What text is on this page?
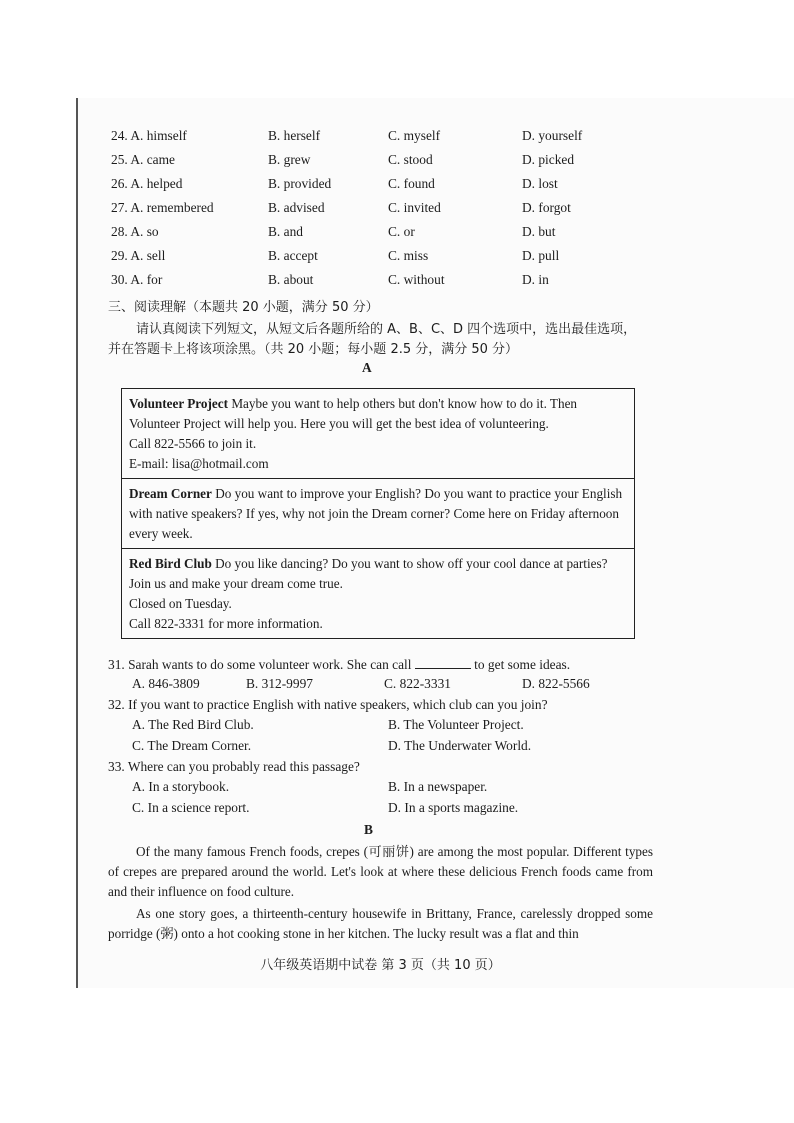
24. A. himself	B. herself	C. myself	D. yourself
25. A. came	B. grew	C. stood	D. picked
26. A. helped	B. provided	C. found	D. lost
27. A. remembered	B. advised	C. invited	D. forgot
28. A. so	B. and	C. or	D. but
29. A. sell	B. accept	C. miss	D. pull
30. A. for	B. about	C. without	D. in
三、阅读理解（本题共 20 小题，满分 50 分）
请认真阅读下列短文，从短文后各题所给的 A、B、C、D 四个选项中，选出最佳选项，
并在答题卡上将该项涂黑。（共 20 小题；每小题 2.5 分，满分 50 分）
A
Volunteer Project Maybe you want to help others but don't know how to do it. Then Volunteer Project will help you. Here you will get the best idea of volunteering.
Call 822-5566 to join it.
E-mail: lisa@hotmail.com
Dream Corner Do you want to improve your English? Do you want to practice your English with native speakers? If yes, why not join the Dream corner? Come here on Friday afternoon every week.
Red Bird Club Do you like dancing? Do you want to show off your cool dance at parties? Join us and make your dream come true.
Closed on Tuesday.
Call 822-3331 for more information.
31. Sarah wants to do some volunteer work. She can call	to get some ideas.
A. 846-3809	B. 312-9997	C. 822-3331	D. 822-5566
32. If you want to practice English with native speakers, which club can you join?
A. The Red Bird Club.	B. The Volunteer Project.
C. The Dream Corner.	D. The Underwater World.
33. Where can you probably read this passage?
A. In a storybook.	B. In a newspaper.
C. In a science report.	D. In a sports magazine.
B
Of the many famous French foods, crepes (可丽饼) are among the most popular. Different types of crepes are prepared around the world. Let's look at where these delicious French foods came from and their influence on food culture.
As one story goes, a thirteenth-century housewife in Brittany, France, carelessly dropped some porridge (粥) onto a hot cooking stone in her kitchen. The lucky result was a flat and thin
八年级英语期中试卷 第 3 页（共 10 页）
